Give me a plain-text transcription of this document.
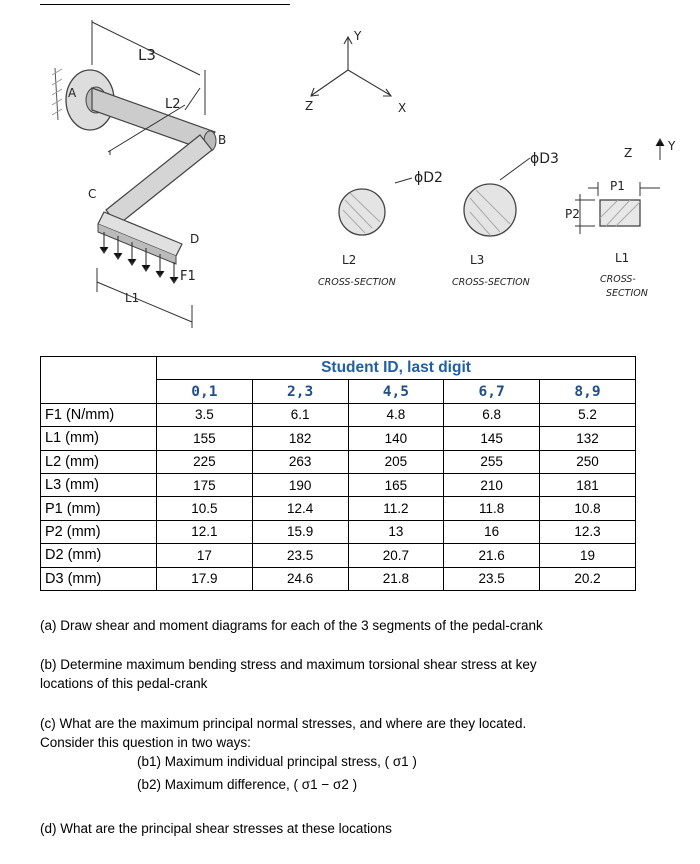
L3
L2
A
B
C
D
F1
L1
Y
Z	X
ϕD2
L2
CROSS-SECTION
ϕD3
L3
CROSS-SECTION
Y
Z
P1
P2
L1
CROSS-
SECTION
	Student ID, last digit				
	0,1	2,3	4,5	6,7	8,9
F1 (N/mm)	3.5	6.1	4.8	6.8	5.2
L1 (mm)	155	182	140	145	132
L2 (mm)	225	263	205	255	250
L3 (mm)	175	190	165	210	181
P1 (mm)	10.5	12.4	11.2	11.8	10.8
P2 (mm)	12.1	15.9	13	16	12.3
D2 (mm)	17	23.5	20.7	21.6	19
D3 (mm)	17.9	24.6	21.8	23.5	20.2
(a) Draw shear and moment diagrams for each of the 3 segments of the pedal-crank
(b) Determine maximum bending stress and maximum torsional shear stress at key
locations of this pedal-crank
(c) What are the maximum principal normal stresses, and where are they located.
Consider this question in two ways:
(b1) Maximum individual principal stress, ( σ1 )
(b2) Maximum difference, ( σ1 − σ2 )
(d) What are the principal shear stresses at these locations
